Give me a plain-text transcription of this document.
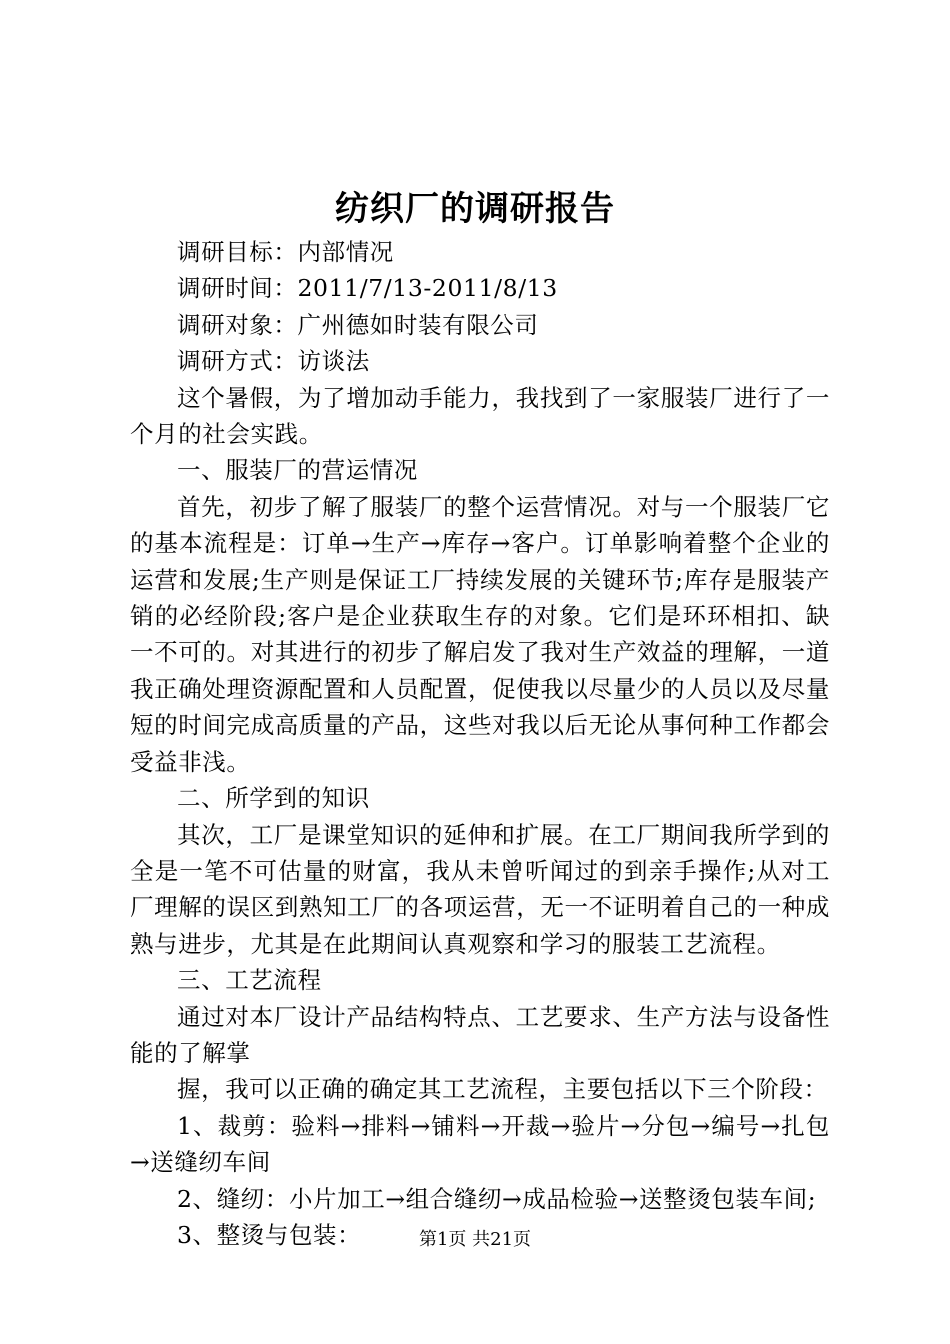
纺织厂的调研报告

调研目标：内部情况

调研时间：2011/7/13-2011/8/13

调研对象：广州德如时装有限公司

调研方式：访谈法

这个暑假，为了增加动手能力，我找到了一家服装厂进行了一个月的社会实践。

一、服装厂的营运情况

首先，初步了解了服装厂的整个运营情况。对与一个服装厂它的基本流程是：订单→生产→库存→客户。订单影响着整个企业的运营和发展;生产则是保证工厂持续发展的关键环节;库存是服装产销的必经阶段;客户是企业获取生存的对象。它们是环环相扣、缺一不可的。对其进行的初步了解启发了我对生产效益的理解，一道我正确处理资源配置和人员配置，促使我以尽量少的人员以及尽量短的时间完成高质量的产品，这些对我以后无论从事何种工作都会受益非浅。

二、所学到的知识

其次，工厂是课堂知识的延伸和扩展。在工厂期间我所学到的全是一笔不可估量的财富，我从未曾听闻过的到亲手操作;从对工厂理解的误区到熟知工厂的各项运营，无一不证明着自己的一种成熟与进步，尤其是在此期间认真观察和学习的服装工艺流程。

三、工艺流程

通过对本厂设计产品结构特点、工艺要求、生产方法与设备性能的了解掌

握，我可以正确的确定其工艺流程，主要包括以下三个阶段：

1、裁剪：验料→排料→铺料→开裁→验片→分包→编号→扎包→送缝纫车间

2、缝纫：小片加工→组合缝纫→成品检验→送整烫包装车间;

3、整烫与包装：	第1页 共21页
